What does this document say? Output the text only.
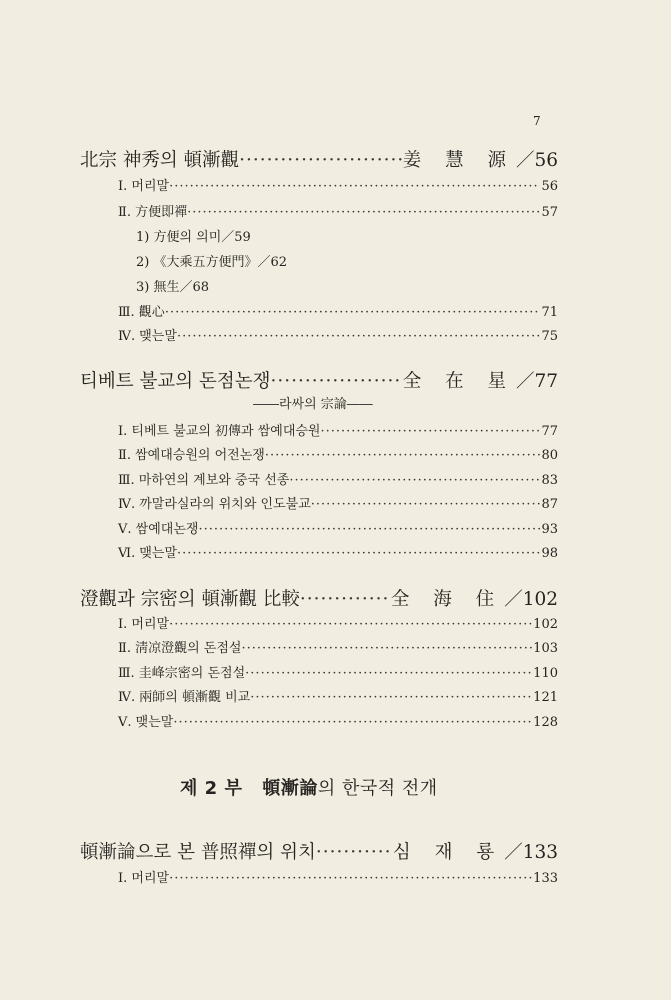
7
北宗 神秀의 頓漸觀 ·····	姜 慧 源 ／56
Ⅰ. 머리말 ·····	56
Ⅱ. 方便即禪 ·····	57
1) 方便의 의미／59
2) 《大乘五方便門》／62
3) 無生／68
Ⅲ. 觀心 ·····	71
Ⅳ. 맺는말 ·····	75
티베트 불교의 돈점논쟁 ·····	全 在 星 ／77
――라싸의 宗論――
Ⅰ. 티베트 불교의 初傳과 쌈예대승원 ·····	77
Ⅱ. 쌈예대승원의 어전논쟁 ·····	80
Ⅲ. 마하연의 계보와 중국 선종 ·····	83
Ⅳ. 까말라실라의 위치와 인도불교 ·····	87
Ⅴ. 쌈예대논쟁 ·····	93
Ⅵ. 맺는말 ·····	98
澄觀과 宗密의 頓漸觀 比較 ·····	全 海 住 ／102
Ⅰ. 머리말 ·····	102
Ⅱ. 淸凉澄觀의 돈점설 ·····	103
Ⅲ. 圭峰宗密의 돈점설 ·····	110
Ⅳ. 兩師의 頓漸觀 비교 ·····	121
Ⅴ. 맺는말 ·····	128
제 2 부 頓漸論 의 한국적 전개
頓漸論으로 본 普照禪의 위치 ·····	심 재 룡 ／133
Ⅰ. 머리말 ·····	133
